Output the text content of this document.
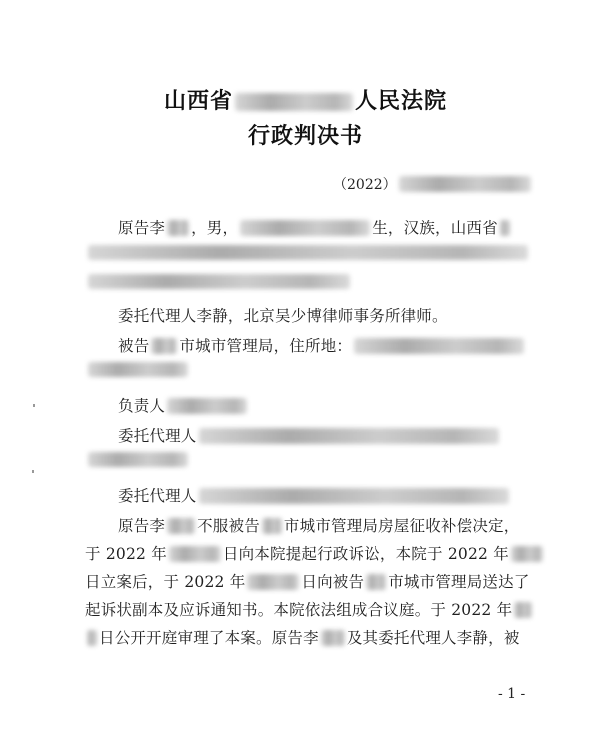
山西省	人民法院
行政判决书
（2022）
原告李 ，男，	生，汉族，山西省
委托代理人李静，北京吴少博律师事务所律师。
被告 市城市管理局，住所地：
负责人
委托代理人
委托代理人
原告李 不服被告 市城市管理局房屋征收补偿决定，
于 2022 年	日向本院提起行政诉讼，本院于 2022 年
日立案后，于 2022 年	日向被告 市城市管理局送达了
起诉状副本及应诉通知书。本院依法组成合议庭。于 2022 年
日公开开庭审理了本案。原告李 及其委托代理人李静，被
- 1 -
